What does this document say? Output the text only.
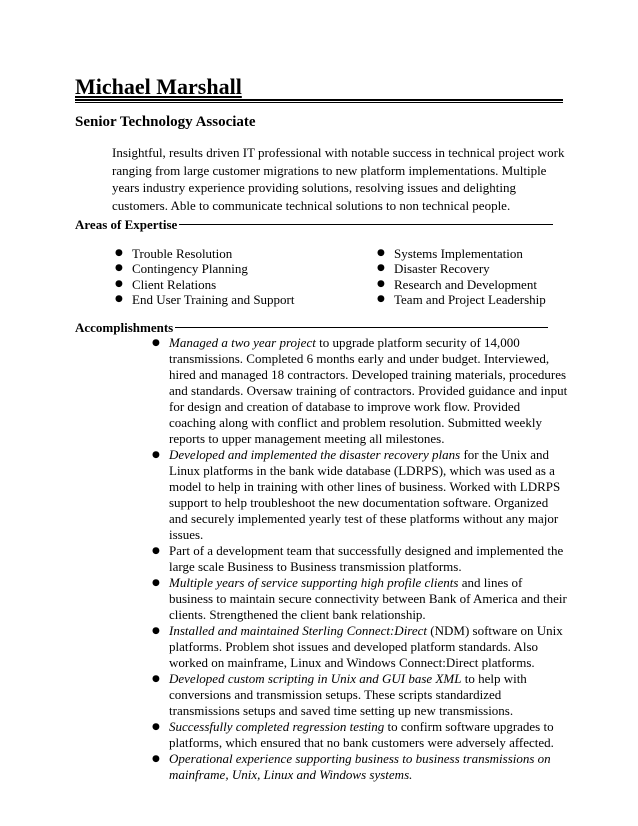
Michael Marshall
Senior Technology Associate

Insightful, results driven IT professional with notable success in technical project work ranging from large customer migrations to new platform implementations. Multiple years industry experience providing solutions, resolving issues and delighting customers. Able to communicate technical solutions to non technical people.

Areas of Expertise
● Trouble Resolution
● Contingency Planning
● Client Relations
● End User Training and Support
● Systems Implementation
● Disaster Recovery
● Research and Development
● Team and Project Leadership
Accomplishments
● Managed a two year project to upgrade platform security of 14,000 transmissions. Completed 6 months early and under budget. Interviewed, hired and managed 18 contractors. Developed training materials, procedures and standards. Oversaw training of contractors. Provided guidance and input for design and creation of database to improve work flow. Provided coaching along with conflict and problem resolution. Submitted weekly reports to upper management meeting all milestones.
● Developed and implemented the disaster recovery plans for the Unix and Linux platforms in the bank wide database (LDRPS), which was used as a model to help in training with other lines of business. Worked with LDRPS support to help troubleshoot the new documentation software. Organized and securely implemented yearly test of these platforms without any major issues.
● Part of a development team that successfully designed and implemented the large scale Business to Business transmission platforms.
● Multiple years of service supporting high profile clients and lines of business to maintain secure connectivity between Bank of America and their clients. Strengthened the client bank relationship.
● Installed and maintained Sterling Connect:Direct (NDM) software on Unix platforms. Problem shot issues and developed platform standards. Also worked on mainframe, Linux and Windows Connect:Direct platforms.
● Developed custom scripting in Unix and GUI base XML to help with conversions and transmission setups. These scripts standardized transmissions setups and saved time setting up new transmissions.
● Successfully completed regression testing to confirm software upgrades to platforms, which ensured that no bank customers were adversely affected.
● Operational experience supporting business to business transmissions on mainframe, Unix, Linux and Windows systems.
